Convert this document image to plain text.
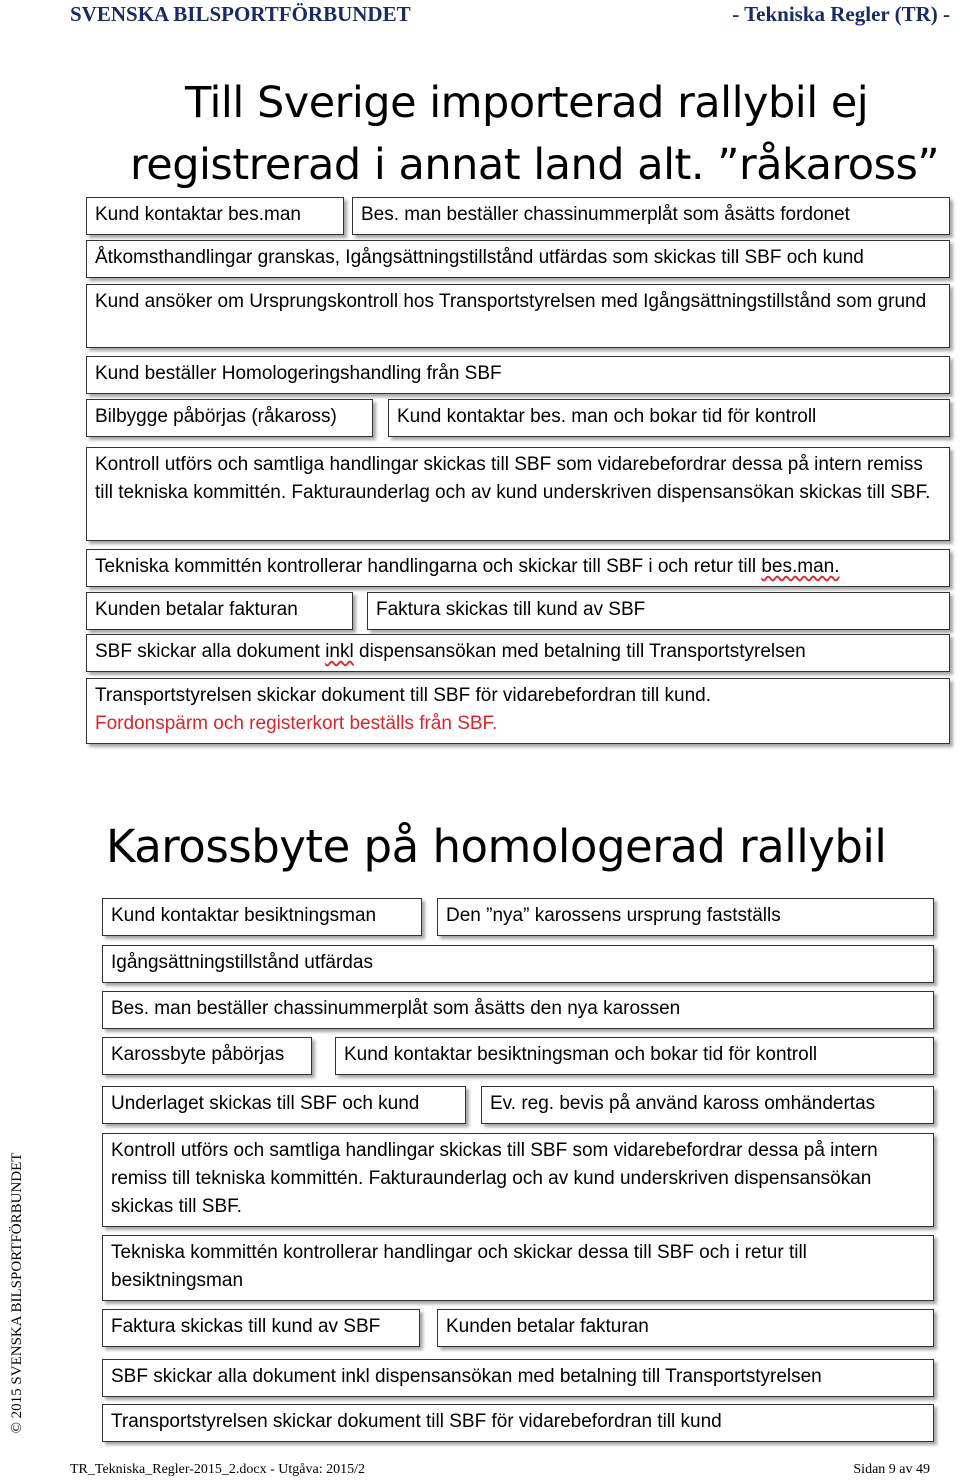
SVENSKA BILSPORTFÖRBUNDET	- Tekniska Regler (TR) -
Till Sverige importerad rallybil ej
registrerad i annat land alt. ”råkaross”
Kund kontaktar bes.man	Bes. man beställer chassinummerplåt som åsätts fordonet
Åtkomsthandlingar granskas, Igångsättningstillstånd utfärdas som skickas till SBF och kund
Kund ansöker om Ursprungskontroll hos Transportstyrelsen med Igångsättningstillstånd som grund
Kund beställer Homologeringshandling från SBF
Bilbygge påbörjas (råkaross)	Kund kontaktar bes. man och bokar tid för kontroll
Kontroll utförs och samtliga handlingar skickas till SBF som vidarebefordrar dessa på intern remiss till tekniska kommittén. Fakturaunderlag och av kund underskriven dispensansökan skickas till SBF.
Tekniska kommittén kontrollerar handlingarna och skickar till SBF i och retur till bes.man.
Kunden betalar fakturan	Faktura skickas till kund av SBF
SBF skickar alla dokument inkl dispensansökan med betalning till Transportstyrelsen
Transportstyrelsen skickar dokument till SBF för vidarebefordran till kund.
Fordonspärm och registerkort beställs från SBF.
Karossbyte på homologerad rallybil
Kund kontaktar besiktningsman	Den ”nya” karossens ursprung fastställs
Igångsättningstillstånd utfärdas
Bes. man beställer chassinummerplåt som åsätts den nya karossen
Karossbyte påbörjas	Kund kontaktar besiktningsman och bokar tid för kontroll
Underlaget skickas till SBF och kund	Ev. reg. bevis på använd kaross omhändertas
Kontroll utförs och samtliga handlingar skickas till SBF som vidarebefordrar dessa på intern remiss till tekniska kommittén. Fakturaunderlag och av kund underskriven dispensansökan skickas till SBF.
Tekniska kommittén kontrollerar handlingar och skickar dessa till SBF och i retur till besiktningsman
Faktura skickas till kund av SBF	Kunden betalar fakturan
SBF skickar alla dokument inkl dispensansökan med betalning till Transportstyrelsen
Transportstyrelsen skickar dokument till SBF för vidarebefordran till kund
© 2015 SVENSKA BILSPORTFÖRBUNDET
TR_Tekniska_Regler-2015_2.docx - Utgåva: 2015/2	Sidan 9 av 49
